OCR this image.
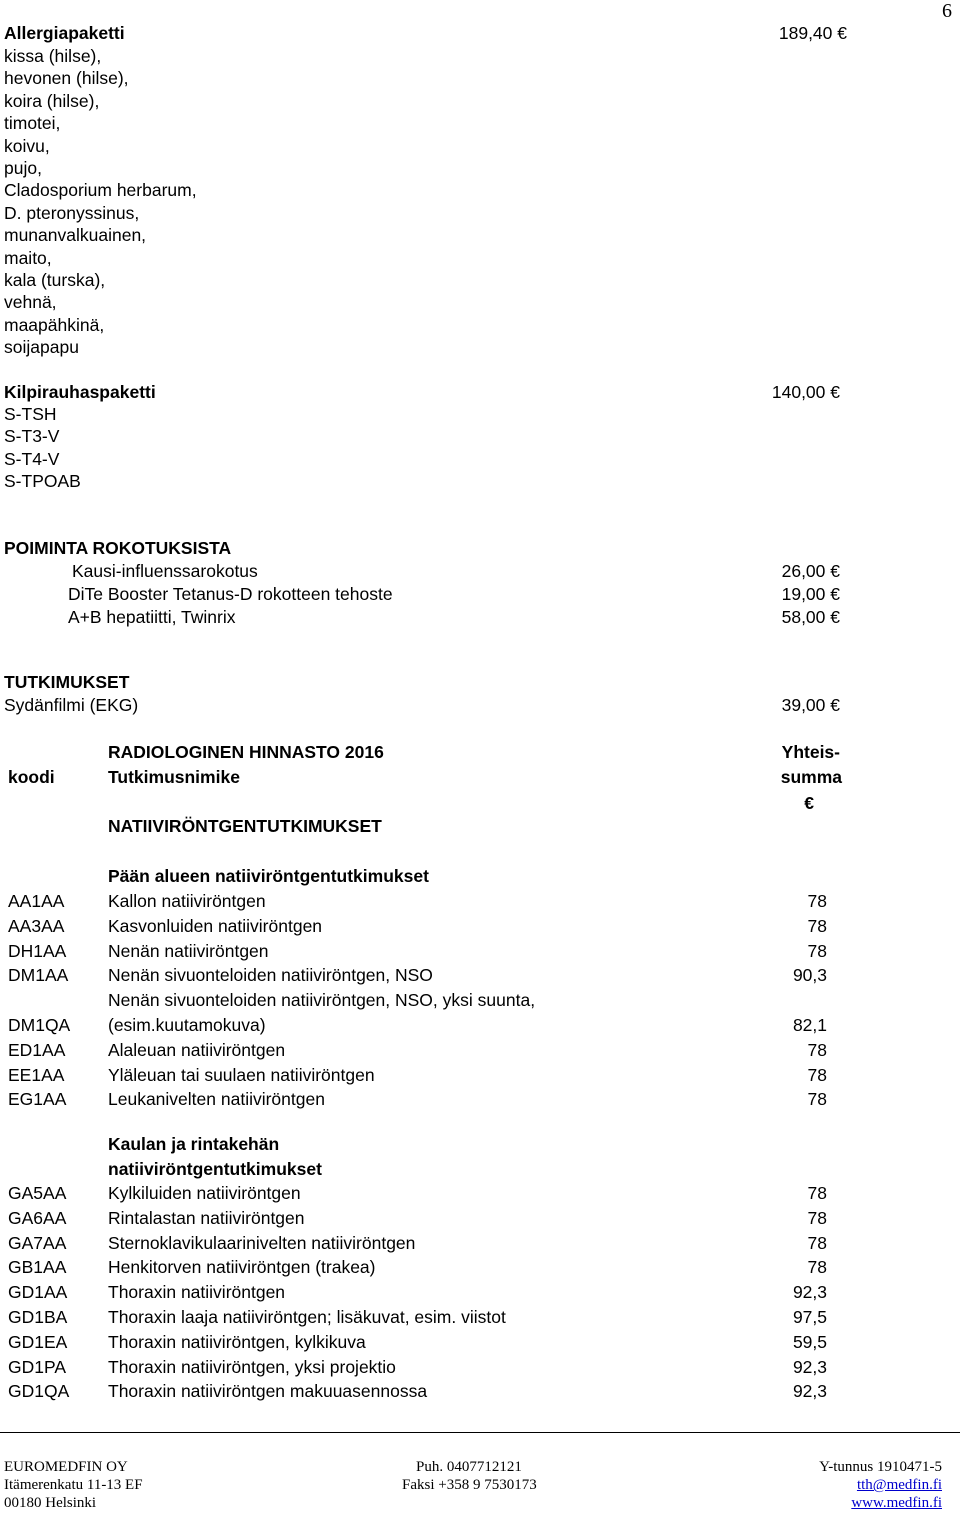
6
Allergiapaketti	189,40 €
kissa (hilse),
hevonen (hilse),
koira (hilse),
timotei,
koivu,
pujo,
Cladosporium herbarum,
D. pteronyssinus,
munanvalkuainen,
maito,
kala (turska),
vehnä,
maapähkinä,
soijapapu
Kilpirauhaspaketti	140,00 €
S-TSH
S-T3-V
S-T4-V
S-TPOAB
POIMINTA ROKOTUKSISTA
Kausi-influenssarokotus	26,00 €
DiTe Booster Tetanus-D rokotteen tehoste	19,00 €
A+B hepatiitti, Twinrix	58,00 €
TUTKIMUKSET
Sydänfilmi (EKG)	39,00 €
RADIOLOGINEN HINNASTO 2016	Yhteis-
koodi	Tutkimusnimike	summa
€
NATIIVIRÖNTGENTUTKIMUKSET
Pään alueen natiiviröntgentutkimukset
AA1AA Kallon natiiviröntgen	78
AA3AA Kasvonluiden natiiviröntgen	78
DH1AA Nenän natiiviröntgen	78
DM1AA Nenän sivuonteloiden natiiviröntgen, NSO	90,3
Nenän sivuonteloiden natiiviröntgen, NSO, yksi suunta,
DM1QA (esim.kuutamokuva)	82,1
ED1AA Alaleuan natiiviröntgen	78
EE1AA Yläleuan tai suulaen natiiviröntgen	78
EG1AA Leukanivelten natiiviröntgen	78
Kaulan ja rintakehän
natiiviröntgentutkimukset
GA5AA Kylkiluiden natiiviröntgen	78
GA6AA Rintalastan natiiviröntgen	78
GA7AA Sternoklavikulaarinivelten natiiviröntgen	78
GB1AA Henkitorven natiiviröntgen (trakea)	78
GD1AA Thoraxin natiiviröntgen	92,3
GD1BA Thoraxin laaja natiiviröntgen; lisäkuvat, esim. viistot	97,5
GD1EA Thoraxin natiiviröntgen, kylkikuva	59,5
GD1PA Thoraxin natiiviröntgen, yksi projektio	92,3
GD1QA Thoraxin natiiviröntgen makuuasennossa	92,3
EUROMEDFIN OY
Itämerenkatu 11-13 EF
00180 Helsinki
Puh. 0407712121
Faksi +358 9 7530173
Y-tunnus 1910471-5
tth@medfin.fi
www.medfin.fi
